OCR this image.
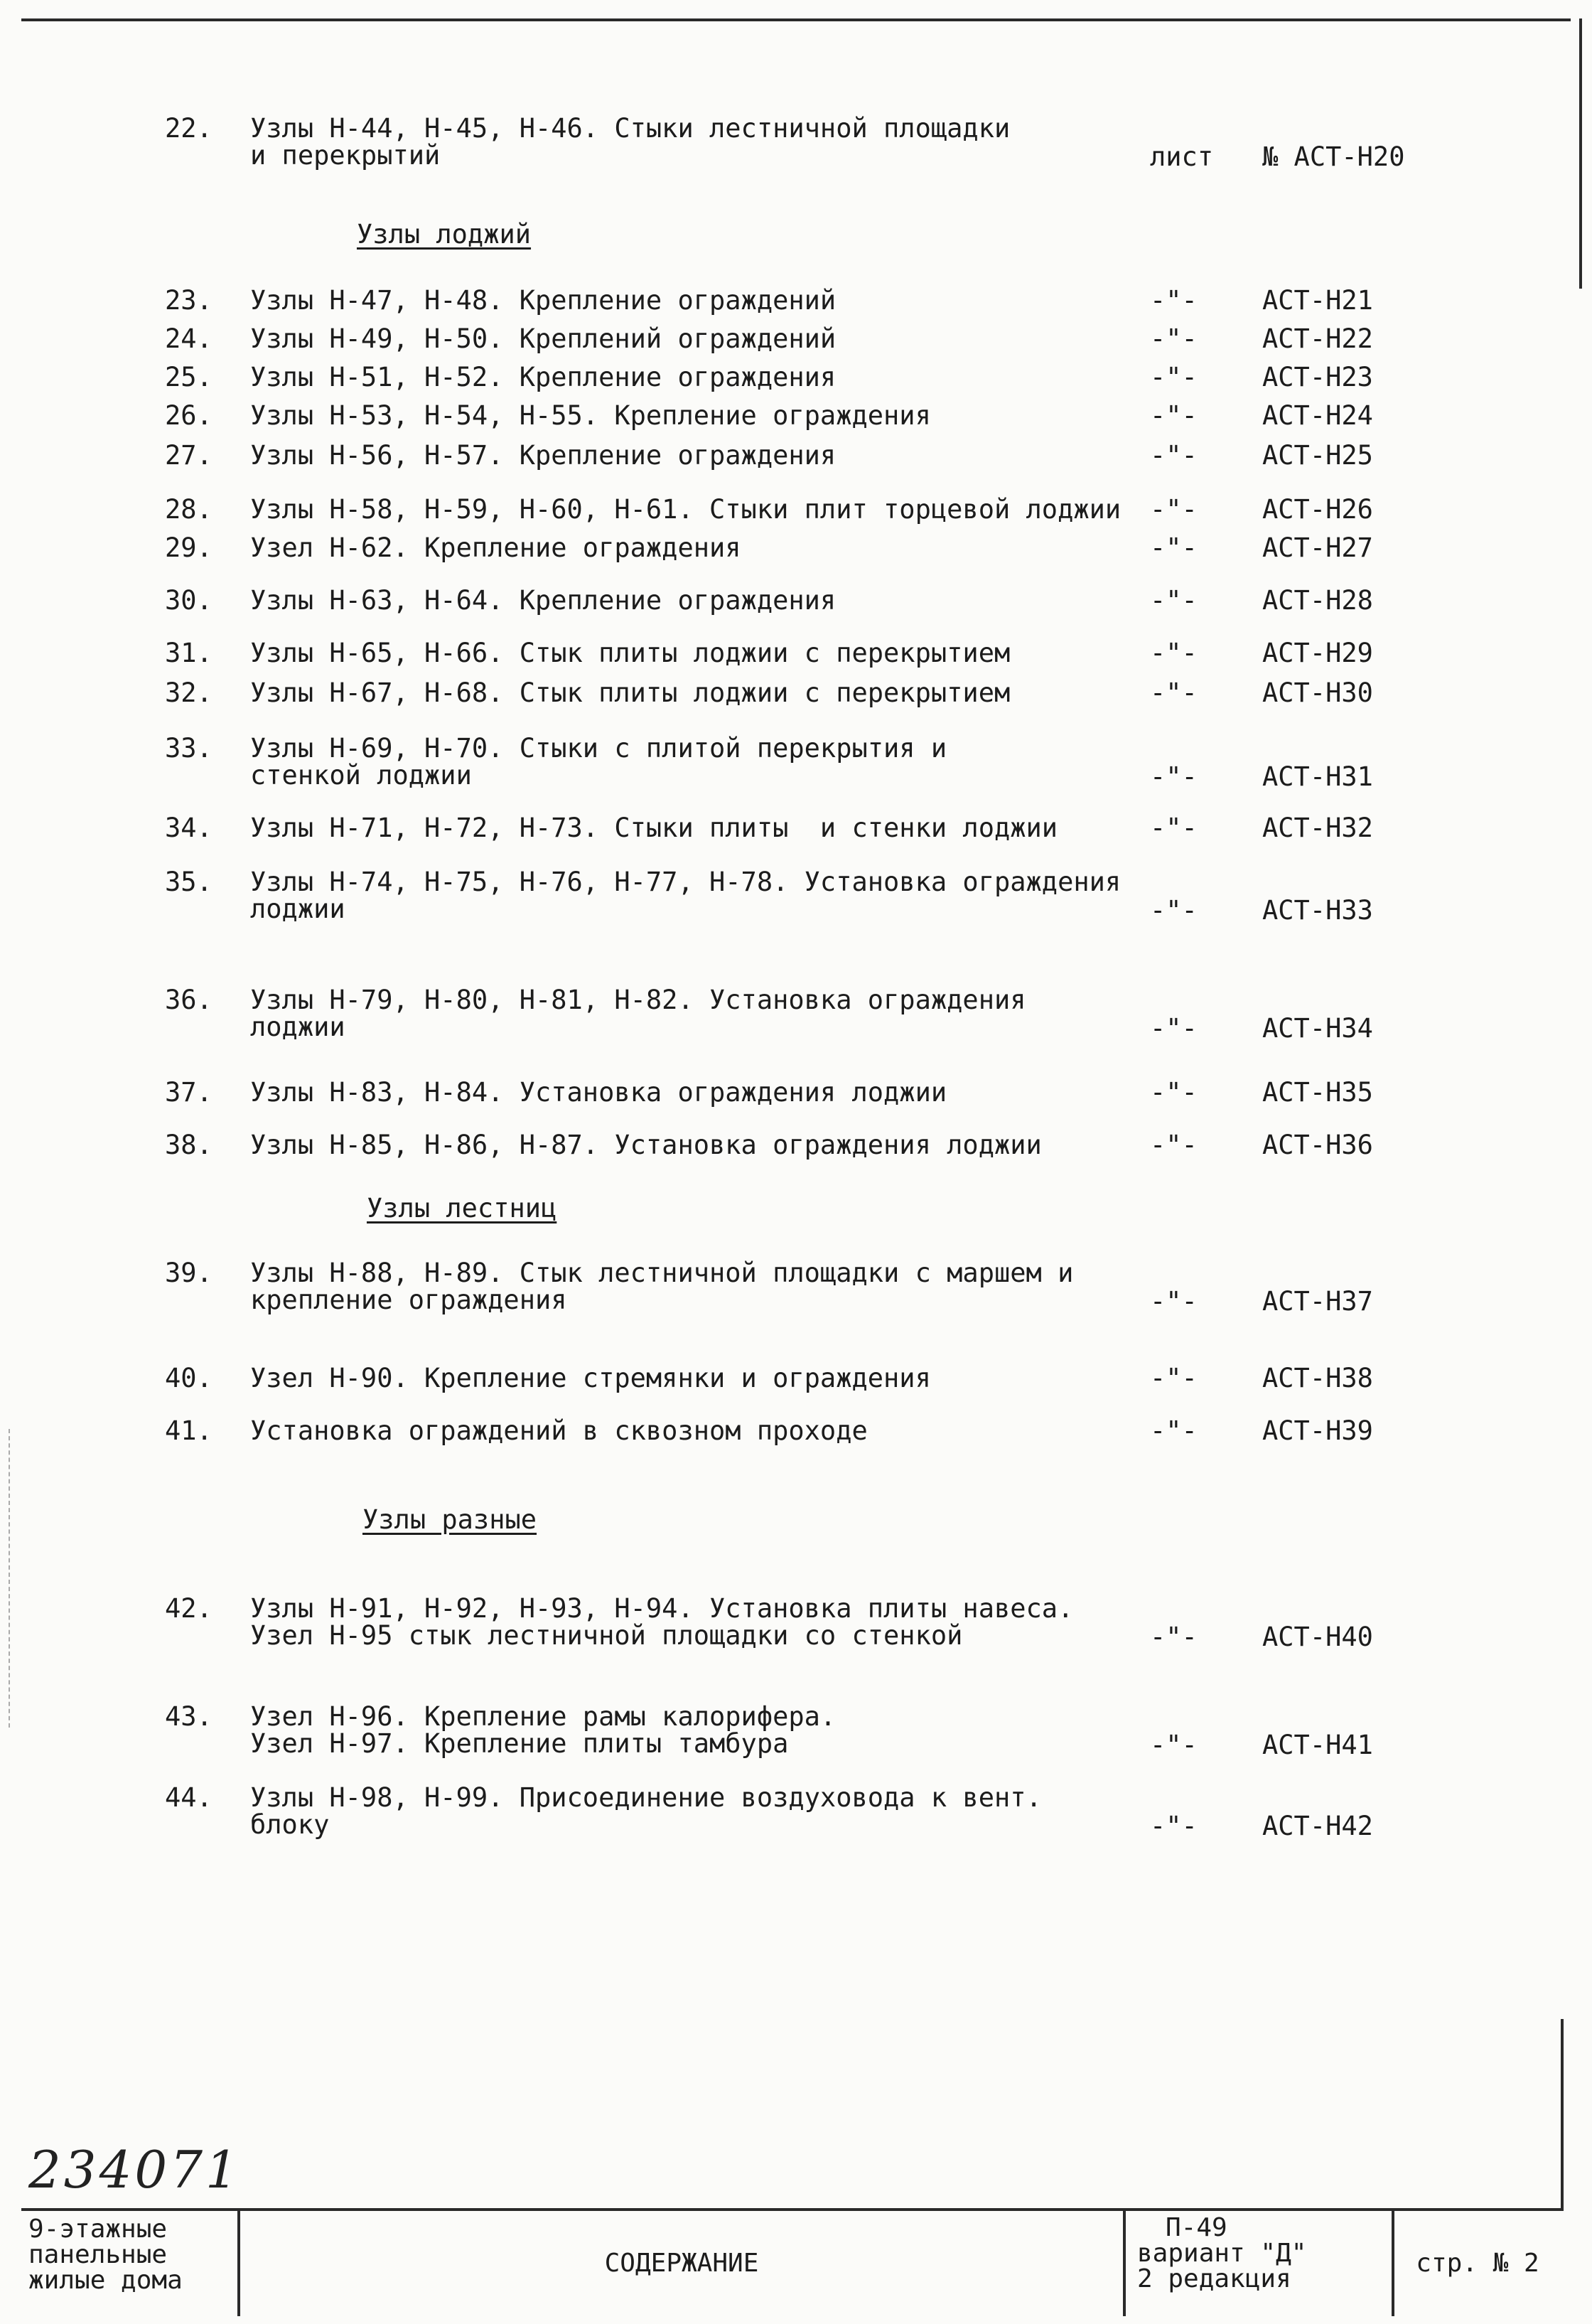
22.	Узлы Н-44, Н-45, Н-46. Стыки лестничной площадки
и перекрытий	лист № АСТ-Н20
Узлы лоджий
23.	Узлы Н-47, Н-48. Крепление ограждений	-"- АСТ-Н21
24.	Узлы Н-49, Н-50. Креплений ограждений	-"- АСТ-Н22
25.	Узлы Н-51, Н-52. Крепление ограждения	-"- АСТ-Н23
26.	Узлы Н-53, Н-54, Н-55. Крепление ограждения	-"- АСТ-Н24
27.	Узлы Н-56, Н-57. Крепление ограждения	-"- АСТ-Н25
28.	Узлы Н-58, Н-59, Н-60, Н-61. Стыки плит торцевой лоджии	-"- АСТ-Н26
29.	Узел Н-62. Крепление ограждения	-"- АСТ-Н27
30.	Узлы Н-63, Н-64. Крепление ограждения	-"- АСТ-Н28
31.	Узлы Н-65, Н-66. Стык плиты лоджии с перекрытием	-"- АСТ-Н29
32.	Узлы Н-67, Н-68. Стык плиты лоджии с перекрытием	-"- АСТ-Н30
33.	Узлы Н-69, Н-70. Стыки с плитой перекрытия и
стенкой лоджии	-"- АСТ-Н31
34.	Узлы Н-71, Н-72, Н-73. Стыки плиты  и стенки лоджии	-"- АСТ-Н32
35.	Узлы Н-74, Н-75, Н-76, Н-77, Н-78. Установка ограждения
лоджии	-"- АСТ-Н33
36.	Узлы Н-79, Н-80, Н-81, Н-82. Установка ограждения
лоджии	-"- АСТ-Н34
37.	Узлы Н-83, Н-84. Установка ограждения лоджии	-"- АСТ-Н35
38.	Узлы Н-85, Н-86, Н-87. Установка ограждения лоджии	-"- АСТ-Н36
Узлы лестниц
39.	Узлы Н-88, Н-89. Стык лестничной площадки с маршем и
крепление ограждения	-"- АСТ-Н37
40.	Узел Н-90. Крепление стремянки и ограждения	-"- АСТ-Н38
41.	Установка ограждений в сквозном проходе	-"- АСТ-Н39
Узлы разные
42.	Узлы Н-91, Н-92, Н-93, Н-94. Установка плиты навеса.
Узел Н-95 стык лестничной площадки со стенкой	-"- АСТ-Н40
43.	Узел Н-96. Крепление рамы калорифера.
Узел Н-97. Крепление плиты тамбура	-"- АСТ-Н41
44.	Узлы Н-98, Н-99. Присоединение воздуховода к вент.
блоку	-"- АСТ-Н42
234071
9-этажные
панельные
жилые дома
СОДЕРЖАНИЕ
П-49
вариант "Д"
2 редакция
стр. № 2
